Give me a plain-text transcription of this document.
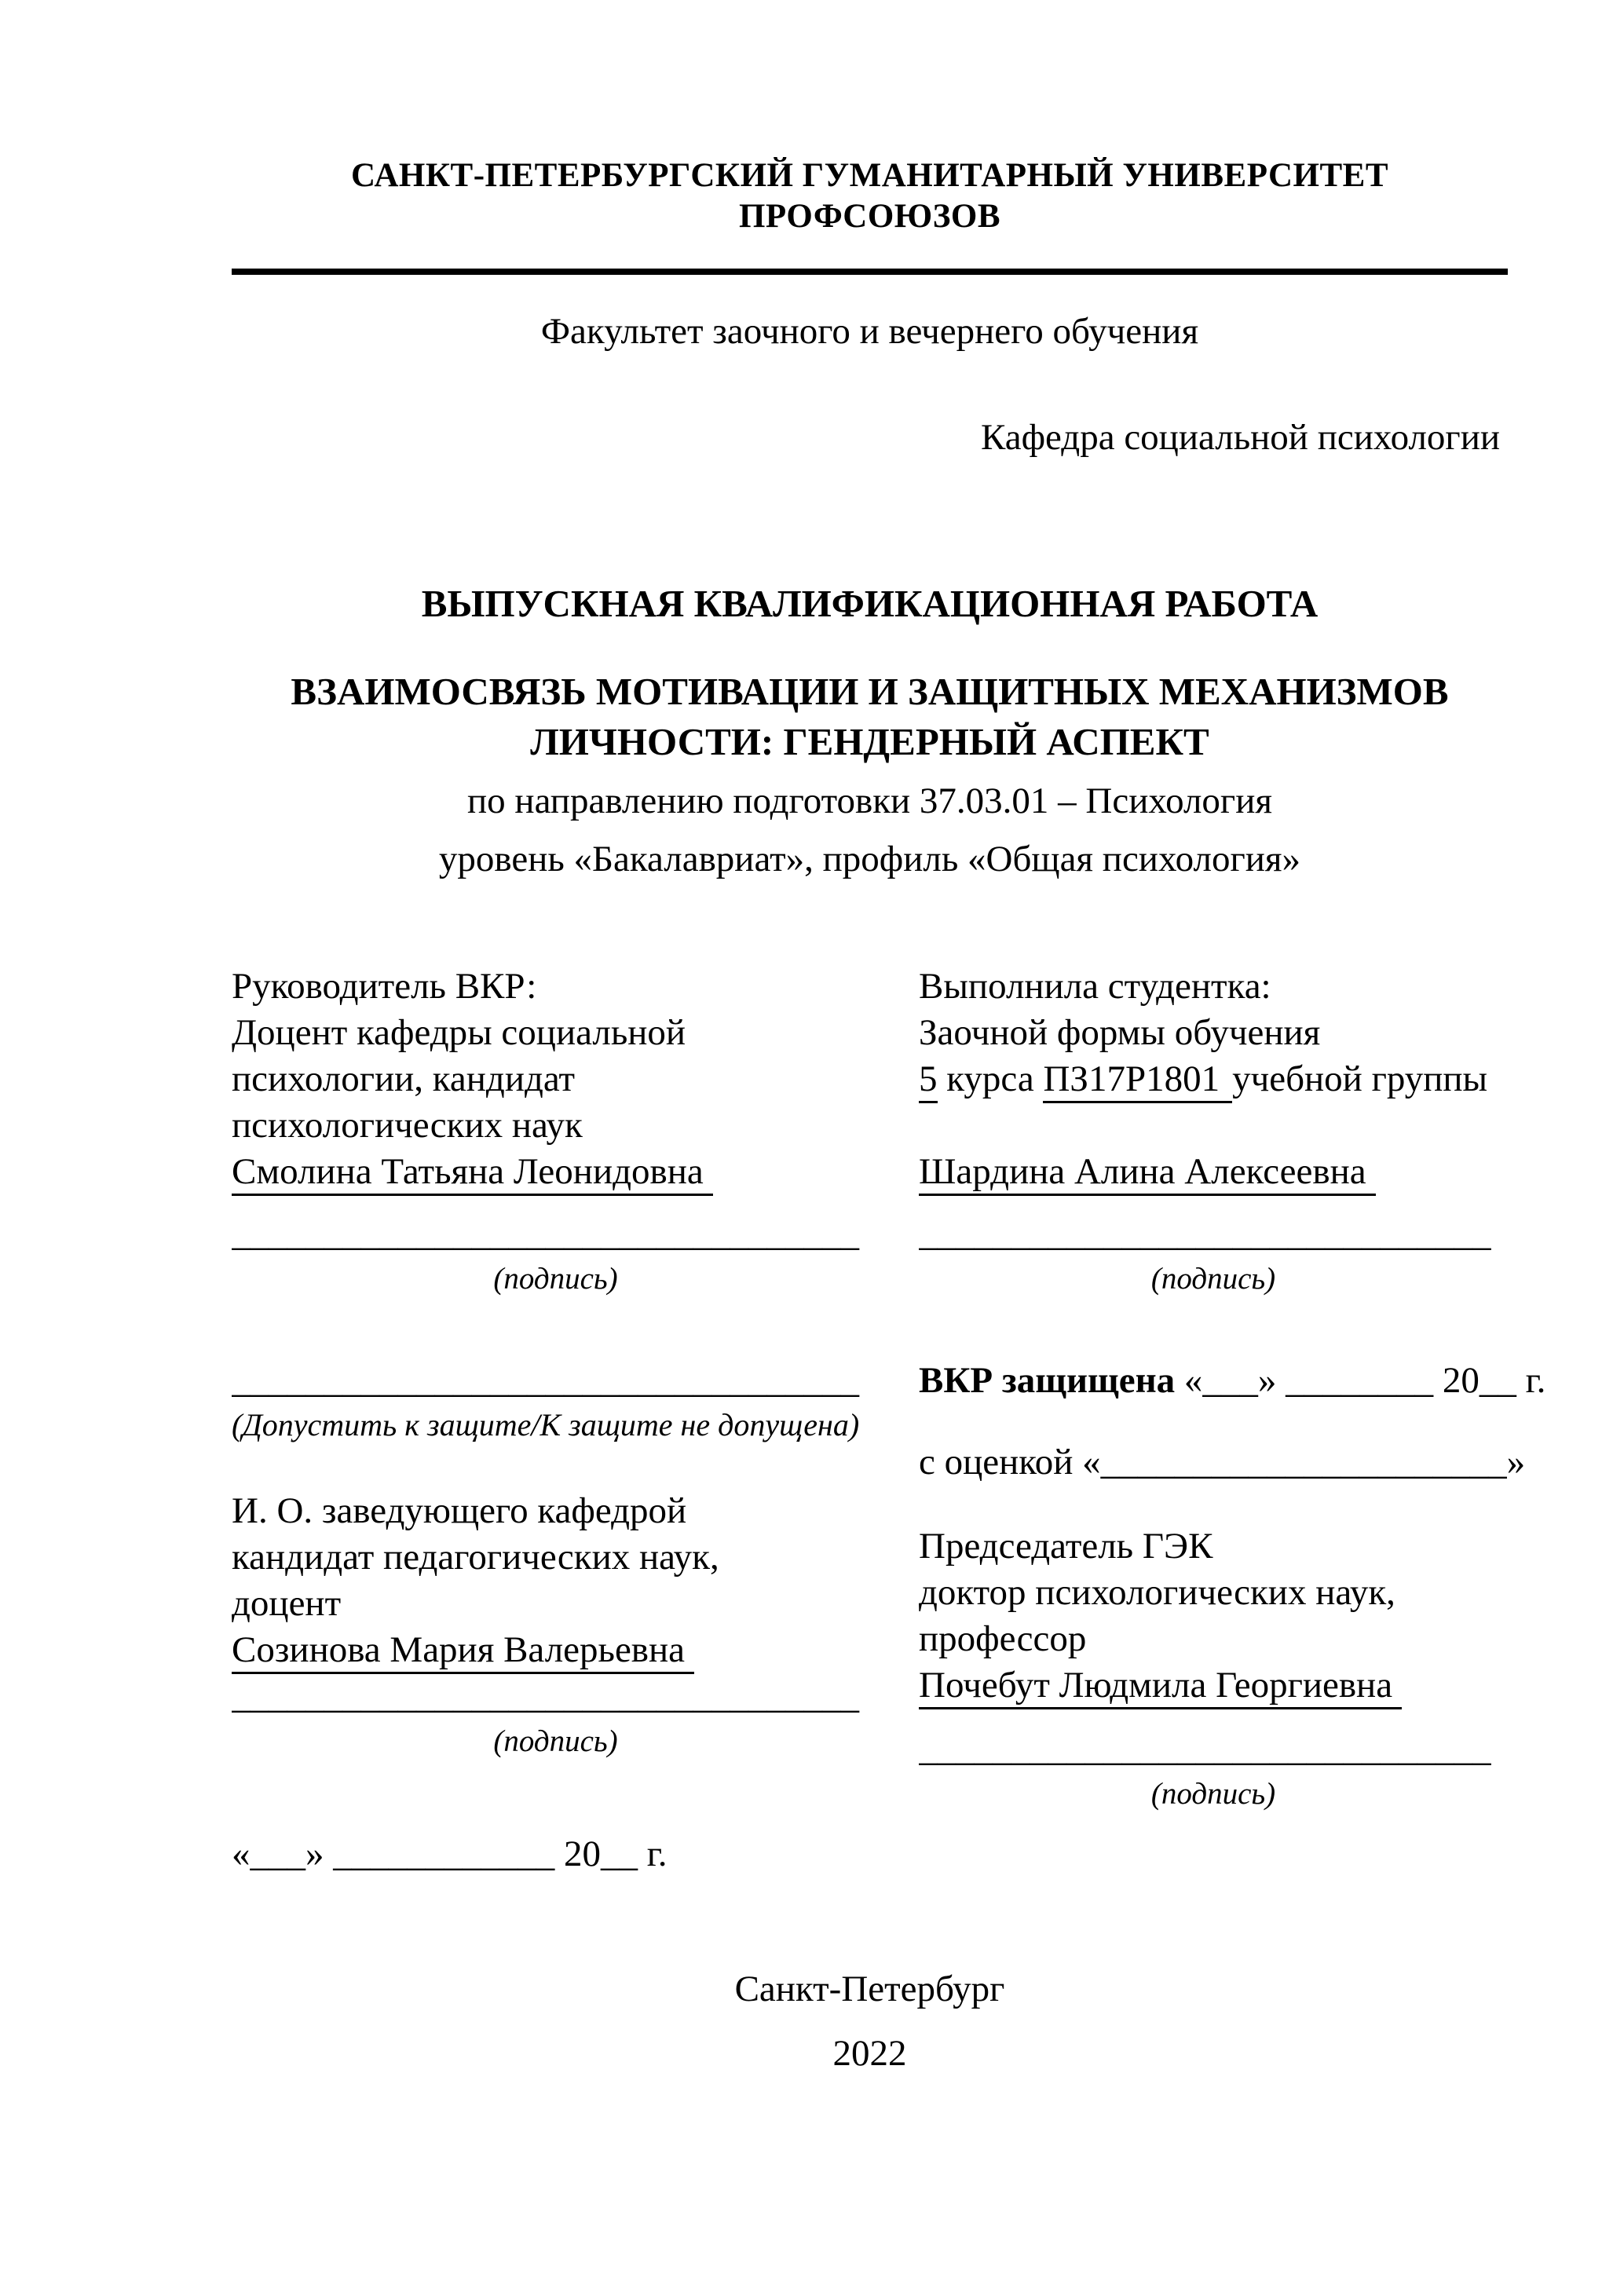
САНКТ-ПЕТЕРБУРГСКИЙ ГУМАНИТАРНЫЙ УНИВЕРСИТЕТ ПРОФСОЮЗОВ
Факультет заочного и вечернего обучения
Кафедра социальной психологии
ВЫПУСКНАЯ КВАЛИФИКАЦИОННАЯ РАБОТА
ВЗАИМОСВЯЗЬ МОТИВАЦИИ И ЗАЩИТНЫХ МЕХАНИЗМОВ
ЛИЧНОСТИ: ГЕНДЕРНЫЙ АСПЕКТ
по направлению подготовки 37.03.01 – Психология
уровень «Бакалавриат», профиль «Общая психология»
Руководитель ВКР:
Доцент кафедры социальной
психологии, кандидат
психологических наук
Смолина Татьяна Леонидовна
__________________________________
(подпись)
Выполнила студентка:
Заочной формы обучения
5 курса ПЗ17Р1801 учебной группы

Шардина Алина Алексеевна
_______________________________
(подпись)
__________________________________
(Допустить к защите/К защите не допущена)
И. О. заведующего кафедрой
кандидат педагогических наук,
доцент
Созинова Мария Валерьевна
__________________________________
(подпись)
«___» ____________ 20__ г.
ВКР защищена «___» ________ 20__ г.
с оценкой «______________________»
Председатель ГЭК
доктор психологических наук,
профессор
Почебут Людмила Георгиевна
_______________________________
(подпись)
Санкт-Петербург
2022
